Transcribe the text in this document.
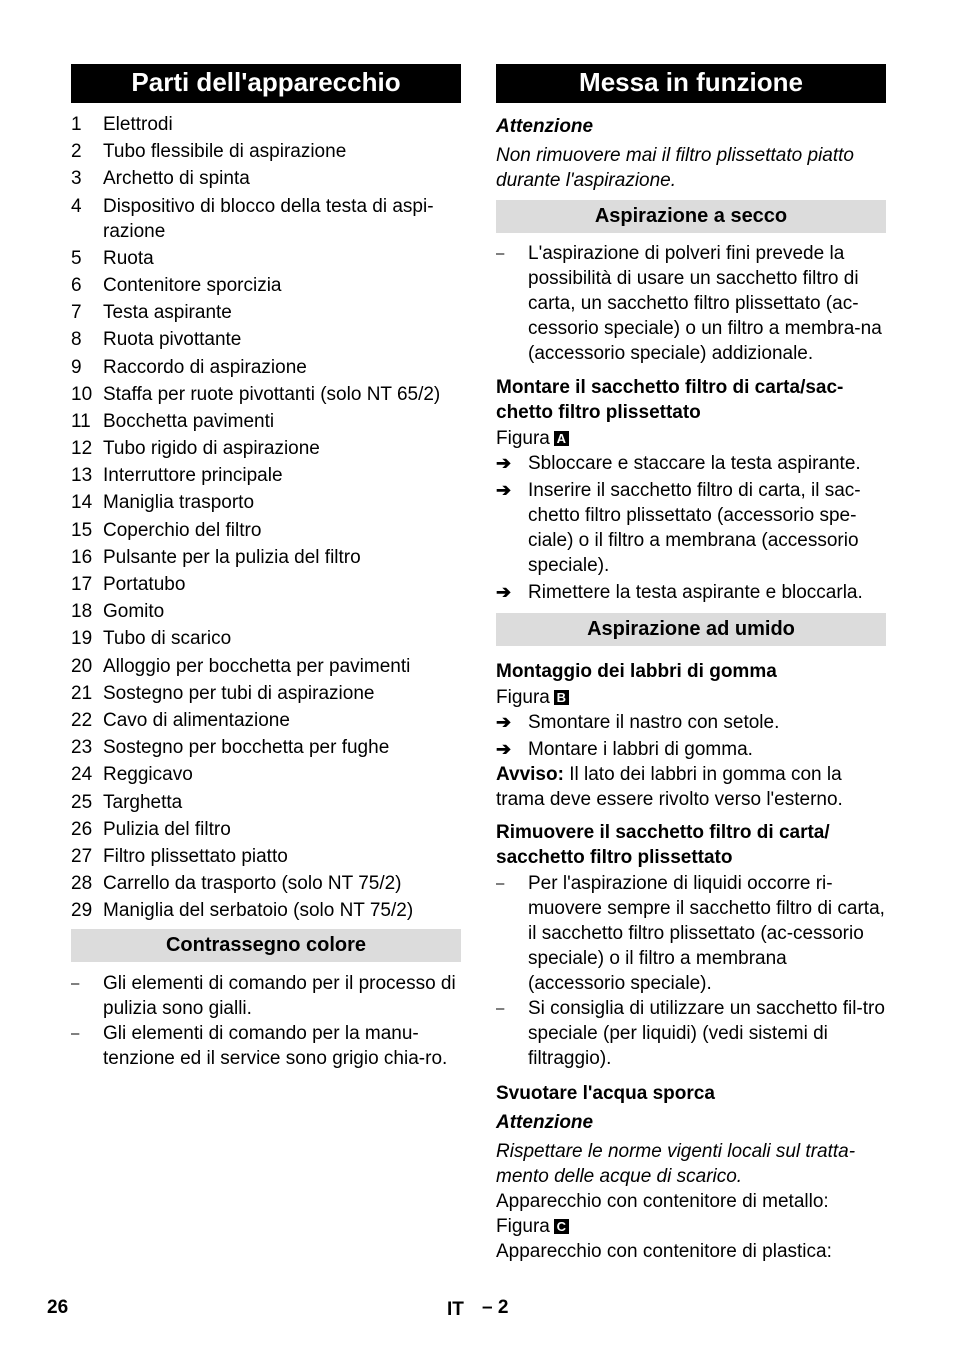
Parti dell'apparecchio
1	Elettrodi
2	Tubo flessibile di aspirazione
3	Archetto di spinta
4	Dispositivo di blocco della testa di aspi-razione
5	Ruota
6	Contenitore sporcizia
7	Testa aspirante
8	Ruota pivottante
9	Raccordo di aspirazione
10 Staffa per ruote pivottanti (solo NT 65/2)
11 Bocchetta pavimenti
12 Tubo rigido di aspirazione
13 Interruttore principale
14 Maniglia trasporto
15 Coperchio del filtro
16 Pulsante per la pulizia del filtro
17 Portatubo
18 Gomito
19 Tubo di scarico
20 Alloggio per bocchetta per pavimenti
21 Sostegno per tubi di aspirazione
22 Cavo di alimentazione
23 Sostegno per bocchetta per fughe
24 Reggicavo
25 Targhetta
26 Pulizia del filtro
27 Filtro plissettato piatto
28 Carrello da trasporto (solo NT 75/2)
29 Maniglia del serbatoio (solo NT 75/2)
Contrassegno colore
–	Gli elementi di comando per il processo di pulizia sono gialli.
–	Gli elementi di comando per la manu-tenzione ed il service sono grigio chia-ro.
Messa in funzione
Attenzione
Non rimuovere mai il filtro plissettato piatto durante l'aspirazione.
Aspirazione a secco
–	L'aspirazione di polveri fini prevede la possibilità di usare un sacchetto filtro di carta, un sacchetto filtro plissettato (ac-cessorio speciale) o un filtro a membra-na (accessorio speciale) addizionale.
Montare il sacchetto filtro di carta/sac-chetto filtro plissettato
Figura A
➔ Sbloccare e staccare la testa aspirante.
➔ Inserire il sacchetto filtro di carta, il sac-chetto filtro plissettato (accessorio spe-ciale) o il filtro a membrana (accessorio speciale).
➔ Rimettere la testa aspirante e bloccarla.
Aspirazione ad umido
Montaggio dei labbri di gomma
Figura B
➔ Smontare il nastro con setole.
➔ Montare i labbri di gomma.
Avviso: Il lato dei labbri in gomma con la trama deve essere rivolto verso l'esterno.
Rimuovere il sacchetto filtro di carta/ sacchetto filtro plissettato
–	Per l'aspirazione di liquidi occorre ri-muovere sempre il sacchetto filtro di carta, il sacchetto filtro plissettato (ac-cessorio speciale) o il filtro a membrana (accessorio speciale).
–	Si consiglia di utilizzare un sacchetto fil-tro speciale (per liquidi) (vedi sistemi di filtraggio).
Svuotare l'acqua sporca
Attenzione
Rispettare le norme vigenti locali sul tratta-mento delle acque di scarico.
Apparecchio con contenitore di metallo:
Figura C
Apparecchio con contenitore di plastica:
26	IT – 2
